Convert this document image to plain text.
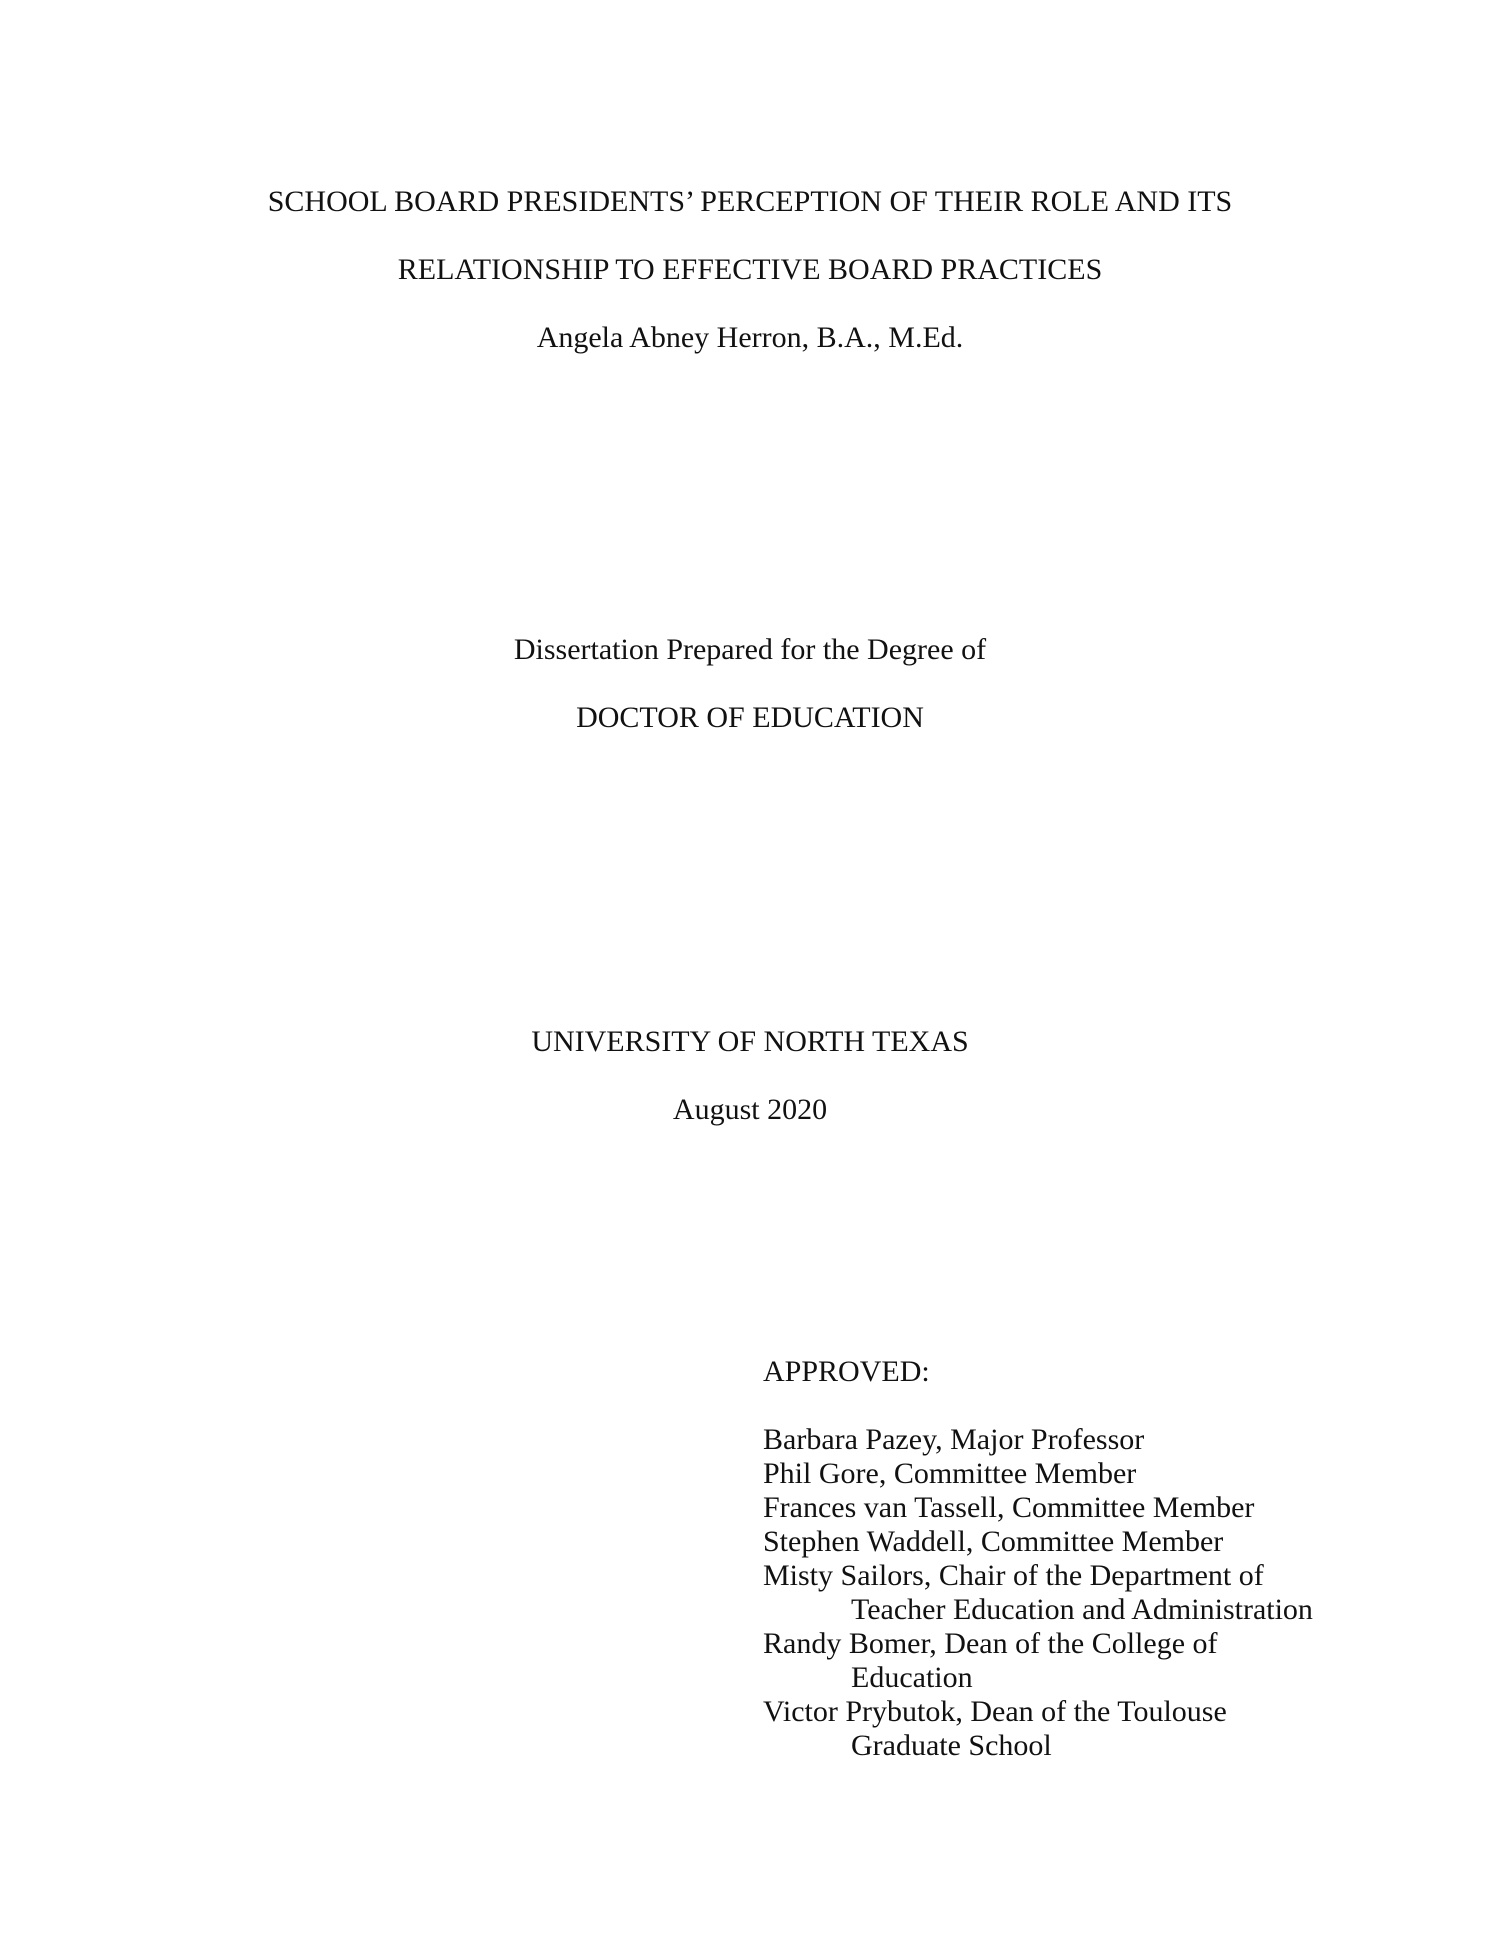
SCHOOL BOARD PRESIDENTS’ PERCEPTION OF THEIR ROLE AND ITS
RELATIONSHIP TO EFFECTIVE BOARD PRACTICES
Angela Abney Herron, B.A., M.Ed.
Dissertation Prepared for the Degree of
DOCTOR OF EDUCATION
UNIVERSITY OF NORTH TEXAS
August 2020
APPROVED:
Barbara Pazey, Major Professor
Phil Gore, Committee Member
Frances van Tassell, Committee Member
Stephen Waddell, Committee Member
Misty Sailors, Chair of the Department of
Teacher Education and Administration
Randy Bomer, Dean of the College of
Education
Victor Prybutok, Dean of the Toulouse
Graduate School
